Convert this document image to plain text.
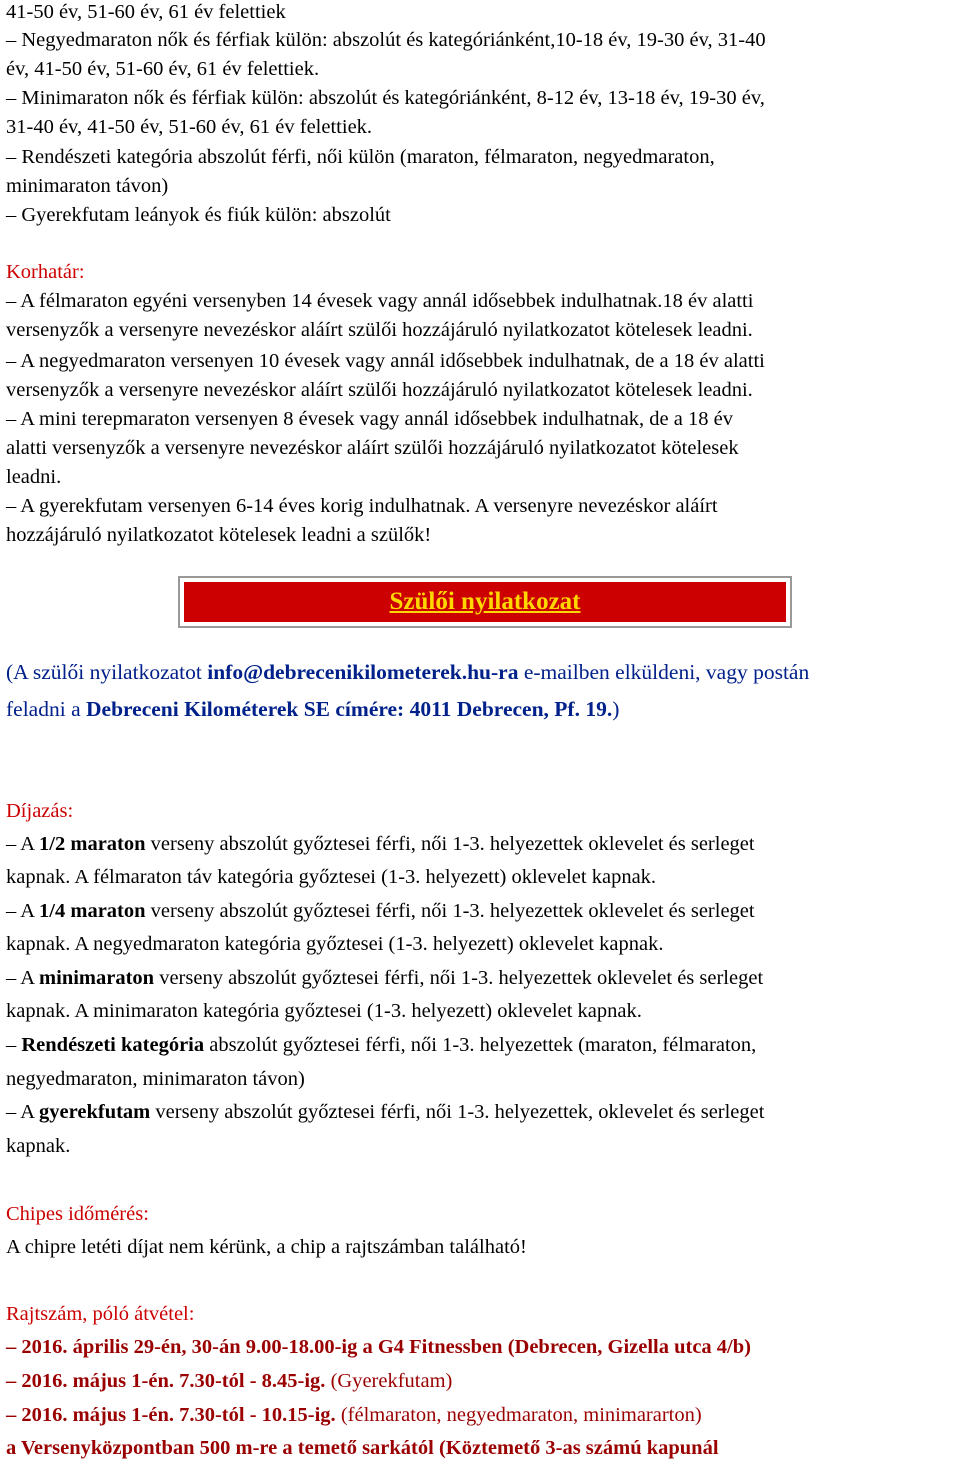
41-50 év, 51-60 év, 61 év felettiek

– Negyedmaraton nők és férfiak külön: abszolút és kategóriánként,10-18 év, 19-30 év, 31-40

év, 41-50 év, 51-60 év, 61 év felettiek.

– Minimaraton nők és férfiak külön: abszolút és kategóriánként, 8-12 év, 13-18 év, 19-30 év,

31-40 év, 41-50 év, 51-60 év, 61 év felettiek.

– Rendészeti kategória abszolút férfi, női külön (maraton, félmaraton, negyedmaraton,

minimaraton távon)

– Gyerekfutam leányok és fiúk külön: abszolút

Korhatár:

– A félmaraton egyéni versenyben 14 évesek vagy annál idősebbek indulhatnak.18 év alatti

versenyzők a versenyre nevezéskor aláírt szülői hozzájáruló nyilatkozatot kötelesek leadni.

– A negyedmaraton versenyen 10 évesek vagy annál idősebbek indulhatnak, de a 18 év alatti

versenyzők a versenyre nevezéskor aláírt szülői hozzájáruló nyilatkozatot kötelesek leadni.

– A mini terepmaraton versenyen 8 évesek vagy annál idősebbek indulhatnak, de a 18 év

alatti versenyzők a versenyre nevezéskor aláírt szülői hozzájáruló nyilatkozatot kötelesek

leadni.

– A gyerekfutam versenyen 6-14 éves korig indulhatnak. A versenyre nevezéskor aláírt

hozzájáruló nyilatkozatot kötelesek leadni a szülők!

Szülői nyilatkozat

(A szülői nyilatkozatot info@debrecenikilometerek.hu-ra e-mailben elküldeni, vagy postán

feladni a Debreceni Kilométerek SE címére: 4011 Debrecen, Pf. 19.)

Díjazás:

– A 1/2 maraton verseny abszolút győztesei férfi, női 1-3. helyezettek oklevelet és serleget

kapnak. A félmaraton táv kategória győztesei (1-3. helyezett) oklevelet kapnak.

– A 1/4 maraton verseny abszolút győztesei férfi, női 1-3. helyezettek oklevelet és serleget

kapnak. A negyedmaraton kategória győztesei (1-3. helyezett) oklevelet kapnak.

– A minimaraton verseny abszolút győztesei férfi, női 1-3. helyezettek oklevelet és serleget

kapnak. A minimaraton kategória győztesei (1-3. helyezett) oklevelet kapnak.

– Rendészeti kategória abszolút győztesei férfi, női 1-3. helyezettek (maraton, félmaraton,

negyedmaraton, minimaraton távon)

– A gyerekfutam verseny abszolút győztesei férfi, női 1-3. helyezettek, oklevelet és serleget

kapnak.

Chipes időmérés:

A chipre letéti díjat nem kérünk, a chip a rajtszámban található!

Rajtszám, póló átvétel:

– 2016. április 29-én, 30-án 9.00-18.00-ig a G4 Fitnessben (Debrecen, Gizella utca 4/b)

– 2016. május 1-én. 7.30-tól - 8.45-ig. (Gyerekfutam)

– 2016. május 1-én. 7.30-tól - 10.15-ig. (félmaraton, negyedmaraton, minimararton)

a Versenyközpontban 500 m-re a temető sarkától (Köztemető 3-as számú kapunál
